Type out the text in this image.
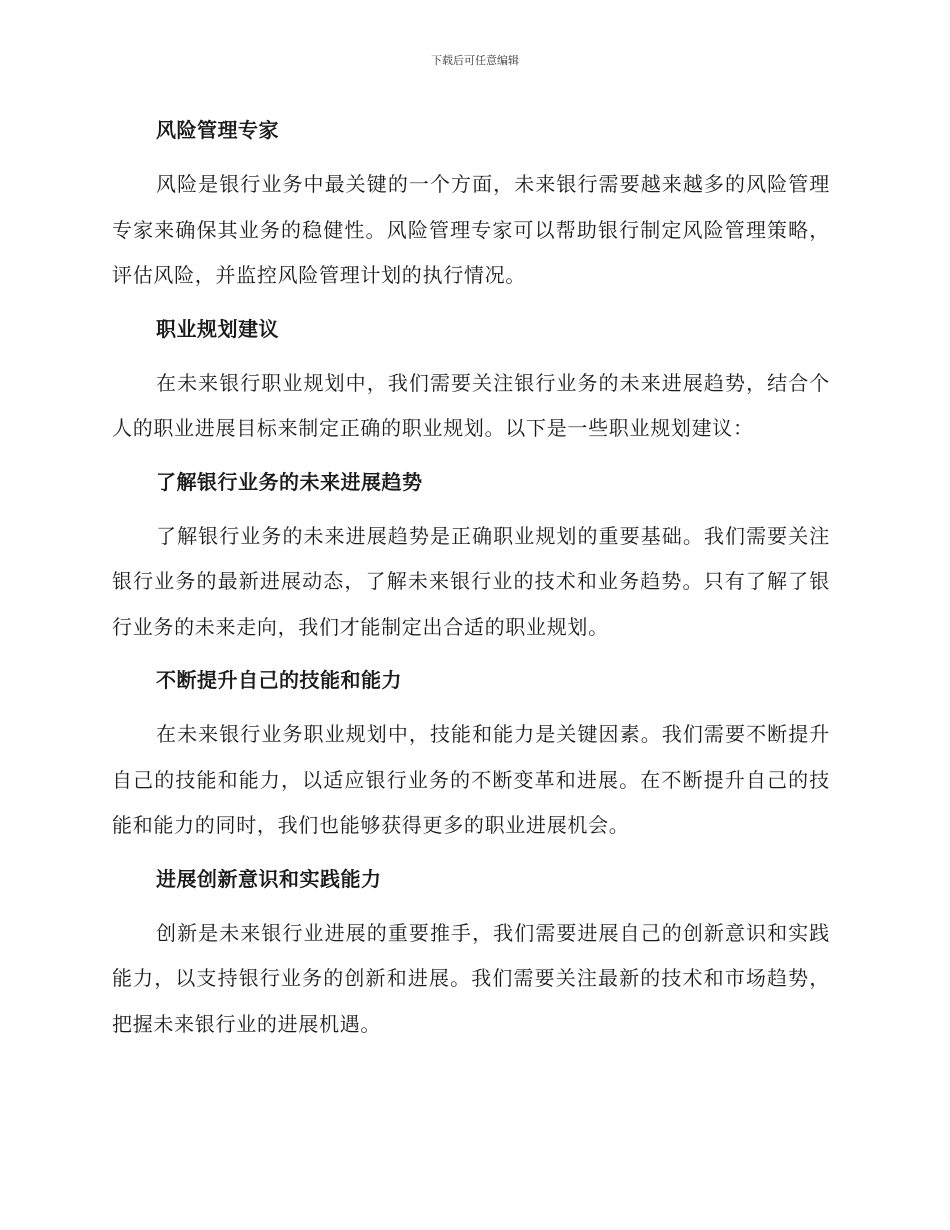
下载后可任意编辑
风险管理专家

风险是银行业务中最关键的一个方面，未来银行需要越来越多的风险管理专家来确保其业务的稳健性。风险管理专家可以帮助银行制定风险管理策略，评估风险，并监控风险管理计划的执行情况。

职业规划建议

在未来银行职业规划中，我们需要关注银行业务的未来进展趋势，结合个人的职业进展目标来制定正确的职业规划。以下是一些职业规划建议：

了解银行业务的未来进展趋势

了解银行业务的未来进展趋势是正确职业规划的重要基础。我们需要关注银行业务的最新进展动态，了解未来银行业的技术和业务趋势。只有了解了银行业务的未来走向，我们才能制定出合适的职业规划。

不断提升自己的技能和能力

在未来银行业务职业规划中，技能和能力是关键因素。我们需要不断提升自己的技能和能力，以适应银行业务的不断变革和进展。在不断提升自己的技能和能力的同时，我们也能够获得更多的职业进展机会。

进展创新意识和实践能力

创新是未来银行业进展的重要推手，我们需要进展自己的创新意识和实践能力，以支持银行业务的创新和进展。我们需要关注最新的技术和市场趋势，把握未来银行业的进展机遇。
